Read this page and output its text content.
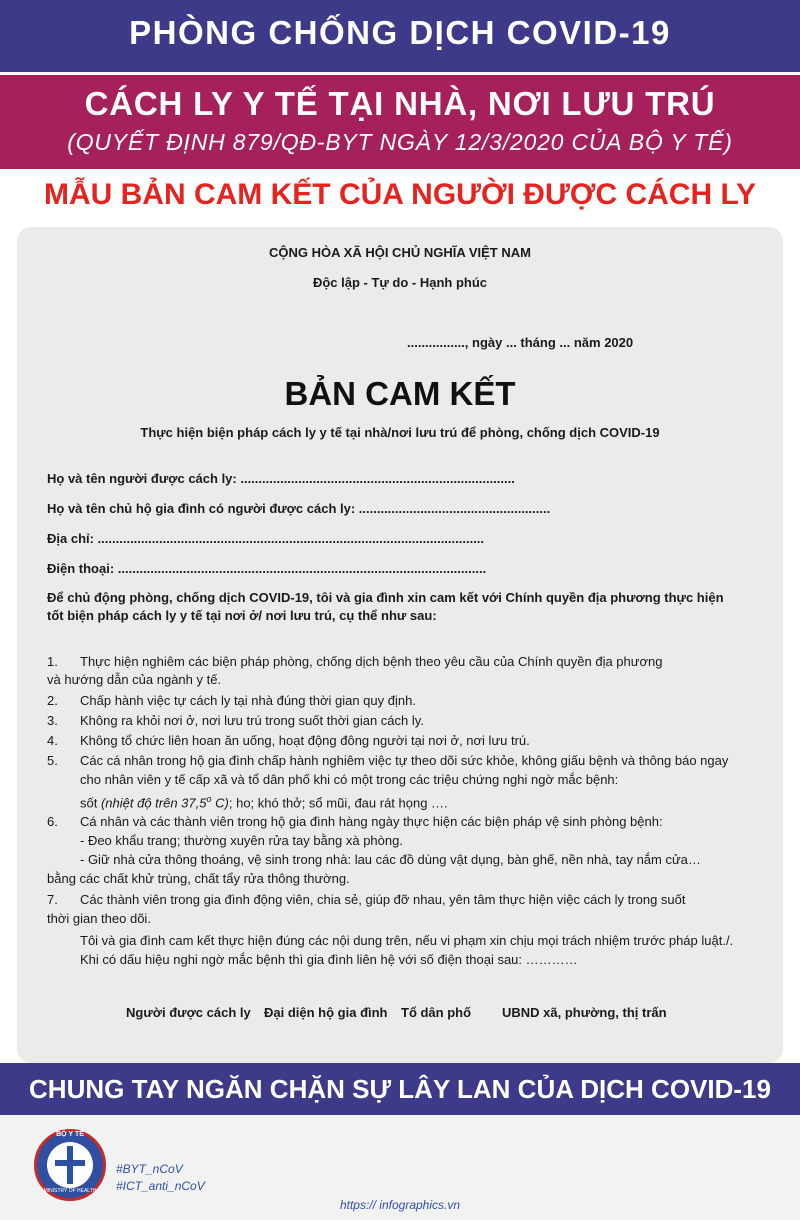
PHÒNG CHỐNG DỊCH COVID-19
CÁCH LY Y TẾ TẠI NHÀ, NƠI LƯU TRÚ
(QUYẾT ĐỊNH 879/QĐ-BYT NGÀY 12/3/2020 CỦA BỘ Y TẾ)
MẪU BẢN CAM KẾT CỦA NGƯỜI ĐƯỢC CÁCH LY
CỘNG HÒA XÃ HỘI CHỦ NGHĨA VIỆT NAM
Độc lập - Tự do - Hạnh phúc
................, ngày ... tháng ... năm 2020
BẢN CAM KẾT
Thực hiện biện pháp cách ly y tế tại nhà/nơi lưu trú để phòng, chống dịch COVID-19
Họ và tên người được cách ly: ............................................................................
Họ và tên chủ hộ gia đình có người được cách ly: .....................................................
Địa chỉ: ...........................................................................................................
Điện thoại: ......................................................................................................
Để chủ động phòng, chống dịch COVID-19, tôi và gia đình xin cam kết với Chính quyền địa phương thực hiện
tốt biện pháp cách ly y tế tại nơi ở/ nơi lưu trú, cụ thể như sau:
1. Thực hiện nghiêm các biện pháp phòng, chống dịch bệnh theo yêu cầu của Chính quyền địa phương
và hướng dẫn của ngành y tế.
2. Chấp hành việc tự cách ly tại nhà đúng thời gian quy định.
3. Không ra khỏi nơi ở, nơi lưu trú trong suốt thời gian cách ly.
4. Không tổ chức liên hoan ăn uống, hoạt động đông người tại nơi ở, nơi lưu trú.
5. Các cá nhân trong hộ gia đình chấp hành nghiêm việc tự theo dõi sức khỏe, không giấu bệnh và thông báo ngay
cho nhân viên y tế cấp xã và tổ dân phố khi có một trong các triệu chứng nghi ngờ mắc bệnh:
sốt (nhiệt độ trên 37,5$^o$ C); ho; khó thở; sổ mũi, đau rát họng ….
6. Cá nhân và các thành viên trong hộ gia đình hàng ngày thực hiện các biện pháp vệ sinh phòng bệnh:
- Đeo khẩu trang; thường xuyên rửa tay bằng xà phòng.
- Giữ nhà cửa thông thoáng, vệ sinh trong nhà: lau các đồ dùng vật dụng, bàn ghế, nền nhà, tay nắm cửa…
bằng các chất khử trùng, chất tẩy rửa thông thường.
7. Các thành viên trong gia đình động viên, chia sẻ, giúp đỡ nhau, yên tâm thực hiện việc cách ly trong suốt
thời gian theo dõi.
Tôi và gia đình cam kết thực hiện đúng các nội dung trên, nếu vi phạm xin chịu mọi trách nhiệm trước pháp luật./.
Khi có dấu hiệu nghi ngờ mắc bệnh thì gia đình liên hệ với số điện thoại sau: …………
Người được cách ly Đại diện hộ gia đình Tổ dân phố UBND xã, phường, thị trấn
CHUNG TAY NGĂN CHẶN SỰ LÂY LAN CỦA DỊCH COVID-19
BỘ Y TẾ
MINISTRY OF HEALTH
#BYT_nCoV
#ICT_anti_nCoV
https:// infographics.vn
